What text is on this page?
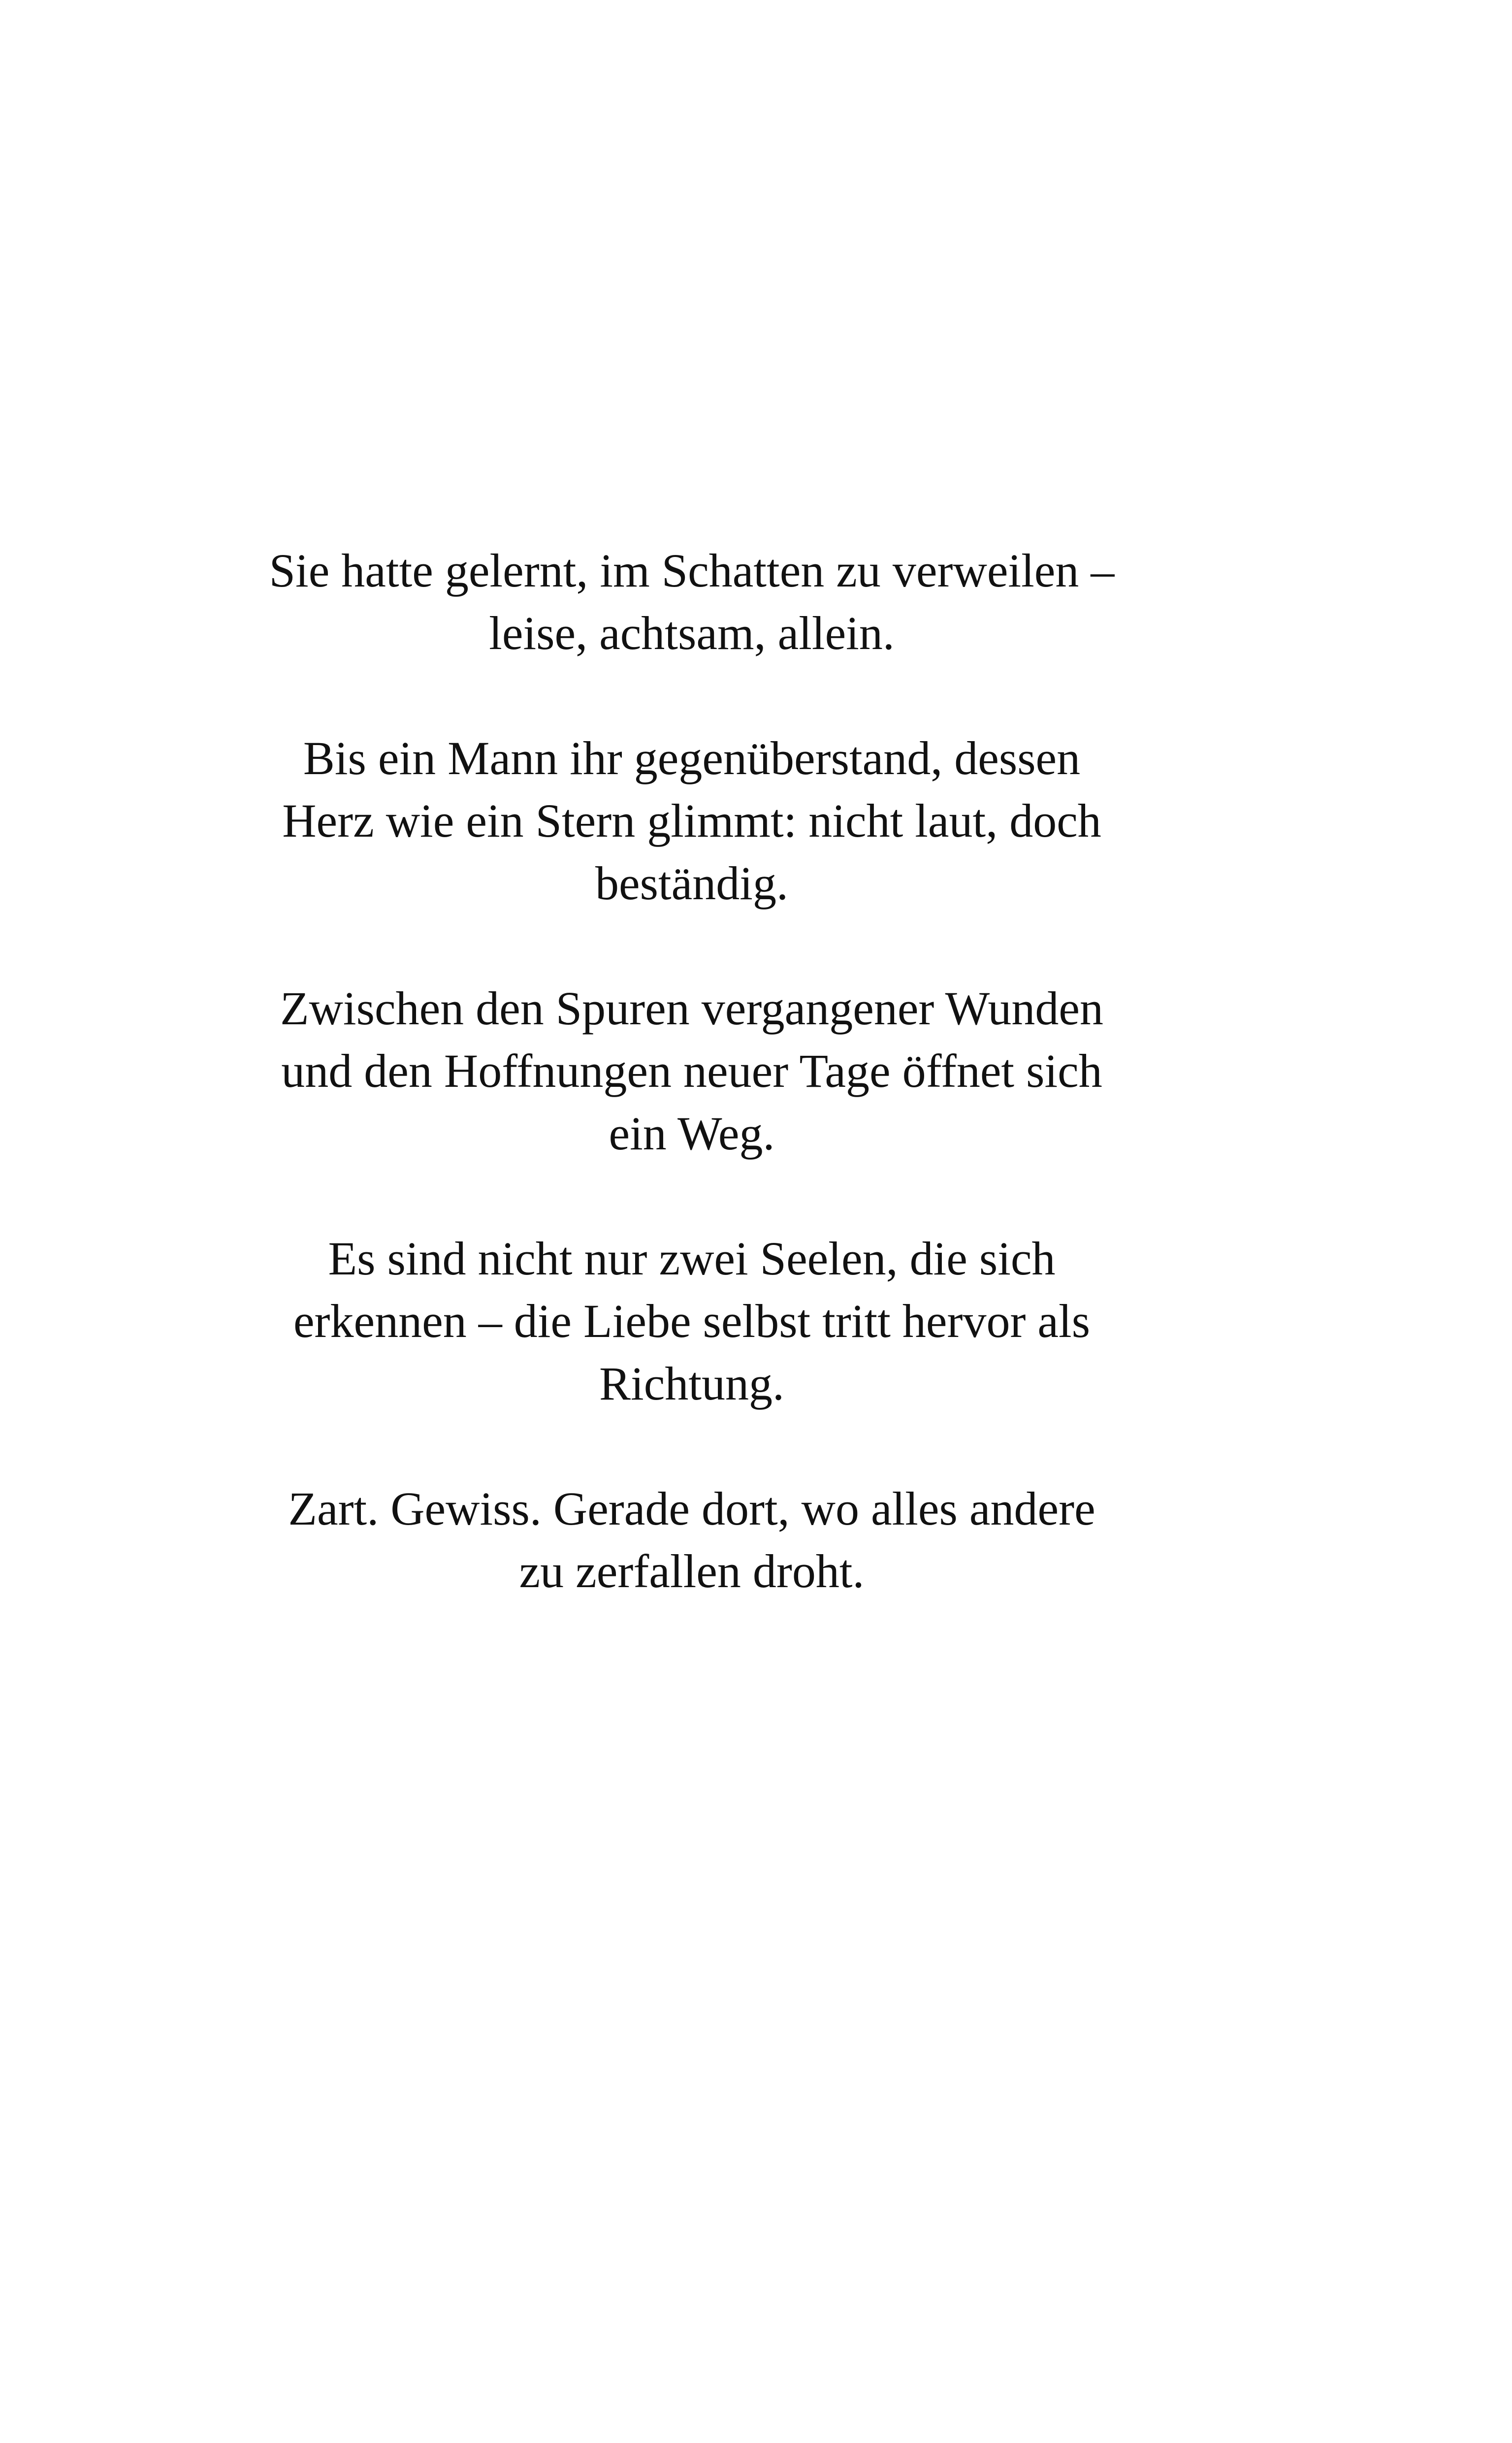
Sie hatte gelernt, im Schatten zu verweilen –
leise, achtsam, allein.

Bis ein Mann ihr gegenüberstand, dessen
Herz wie ein Stern glimmt: nicht laut, doch
beständig.

Zwischen den Spuren vergangener Wunden
und den Hoffnungen neuer Tage öffnet sich
ein Weg.

Es sind nicht nur zwei Seelen, die sich
erkennen – die Liebe selbst tritt hervor als
Richtung.

Zart. Gewiss. Gerade dort, wo alles andere
zu zerfallen droht.
